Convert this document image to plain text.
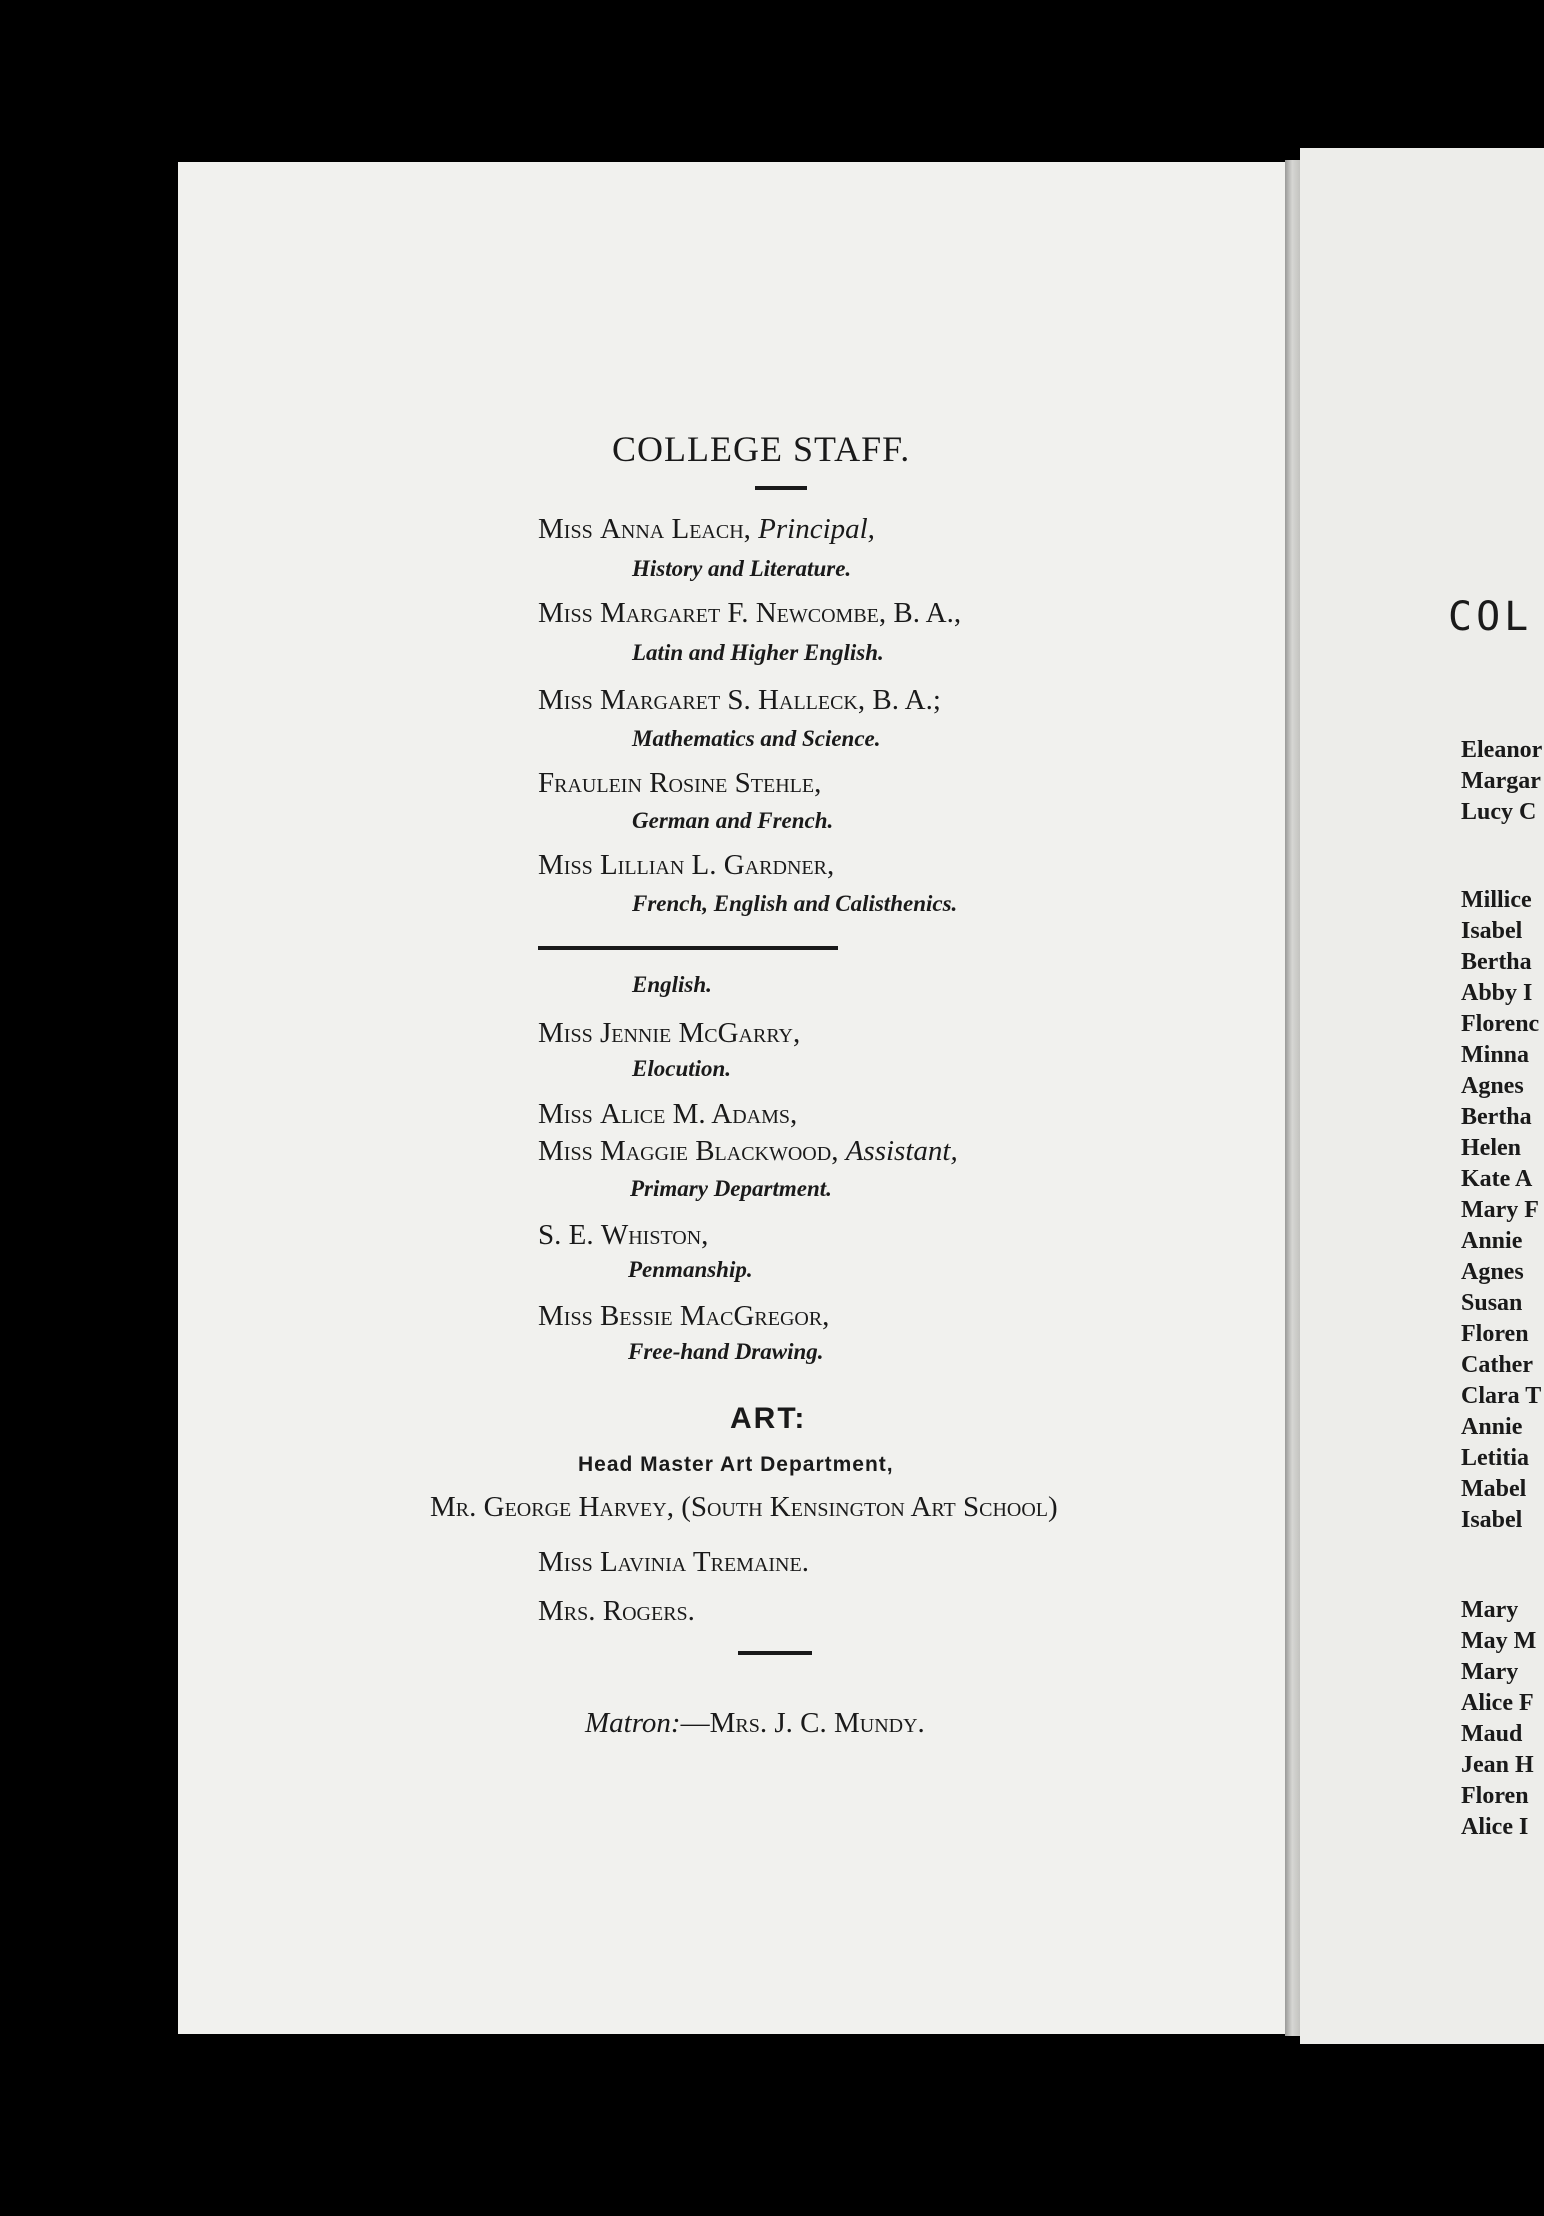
COLLEGE STAFF.
Miss Anna Leach, Principal,
History and Literature.
Miss Margaret F. Newcombe, B. A.,
Latin and Higher English.
Miss Margaret S. Halleck, B. A.;
Mathematics and Science.
Fraulein Rosine Stehle,
German and French.
Miss Lillian L. Gardner,
French, English and Calisthenics.
English.
Miss Jennie McGarry,
Elocution.
Miss Alice M. Adams,
Miss Maggie Blackwood, Assistant,
Primary Department.
S. E. Whiston,
Penmanship.
Miss Bessie MacGregor,
Free-hand Drawing.
ART:
Head Master Art Department,
Mr. George Harvey, (South Kensington Art School)
Miss Lavinia Tremaine.
Mrs. Rogers.
Matron:—Mrs. J. C. Mundy.
COL
Eleanor
Margar
Lucy C
Millice
Isabel
Bertha
Abby I
Florenc
Minna
Agnes
Bertha
Helen
Kate A
Mary F
Annie
Agnes
Susan
Floren
Cather
Clara T
Annie
Letitia
Mabel
Isabel
Mary
May M
Mary
Alice F
Maud
Jean H
Floren
Alice I
